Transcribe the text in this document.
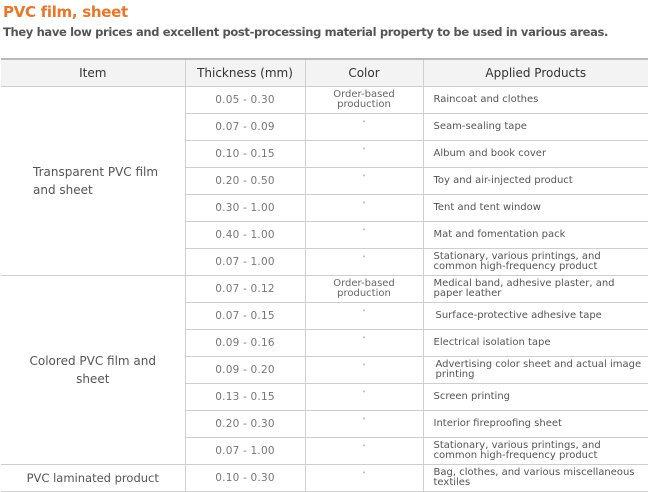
PVC film, sheet
They have low prices and excellent post-processing material property to be used in various areas.
Item	Thickness (mm)	Color	Applied Products
Transparent PVC film and sheet	0.05 - 0.30	Order-based production	Raincoat and clothes
	0.07 - 0.09	"	Seam-sealing tape
	0.10 - 0.15	"	Album and book cover
	0.20 - 0.50	"	Toy and air-injected product
	0.30 - 1.00	"	Tent and tent window
	0.40 - 1.00	"	Mat and fomentation pack
	0.07 - 1.00	"	Stationary, various printings, and common high-frequency product
Colored PVC film and sheet	0.07 - 0.12	Order-based production	Medical band, adhesive plaster, and paper leather
	0.07 - 0.15	"	Surface-protective adhesive tape
	0.09 - 0.16	"	Electrical isolation tape
	0.09 - 0.20	"	Advertising color sheet and actual image printing
	0.13 - 0.15	"	Screen printing
	0.20 - 0.30	"	Interior fireproofing sheet
	0.07 - 1.00	"	Stationary, various printings, and common high-frequency product
PVC laminated product	0.10 - 0.30	"	Bag, clothes, and various miscellaneous textiles
